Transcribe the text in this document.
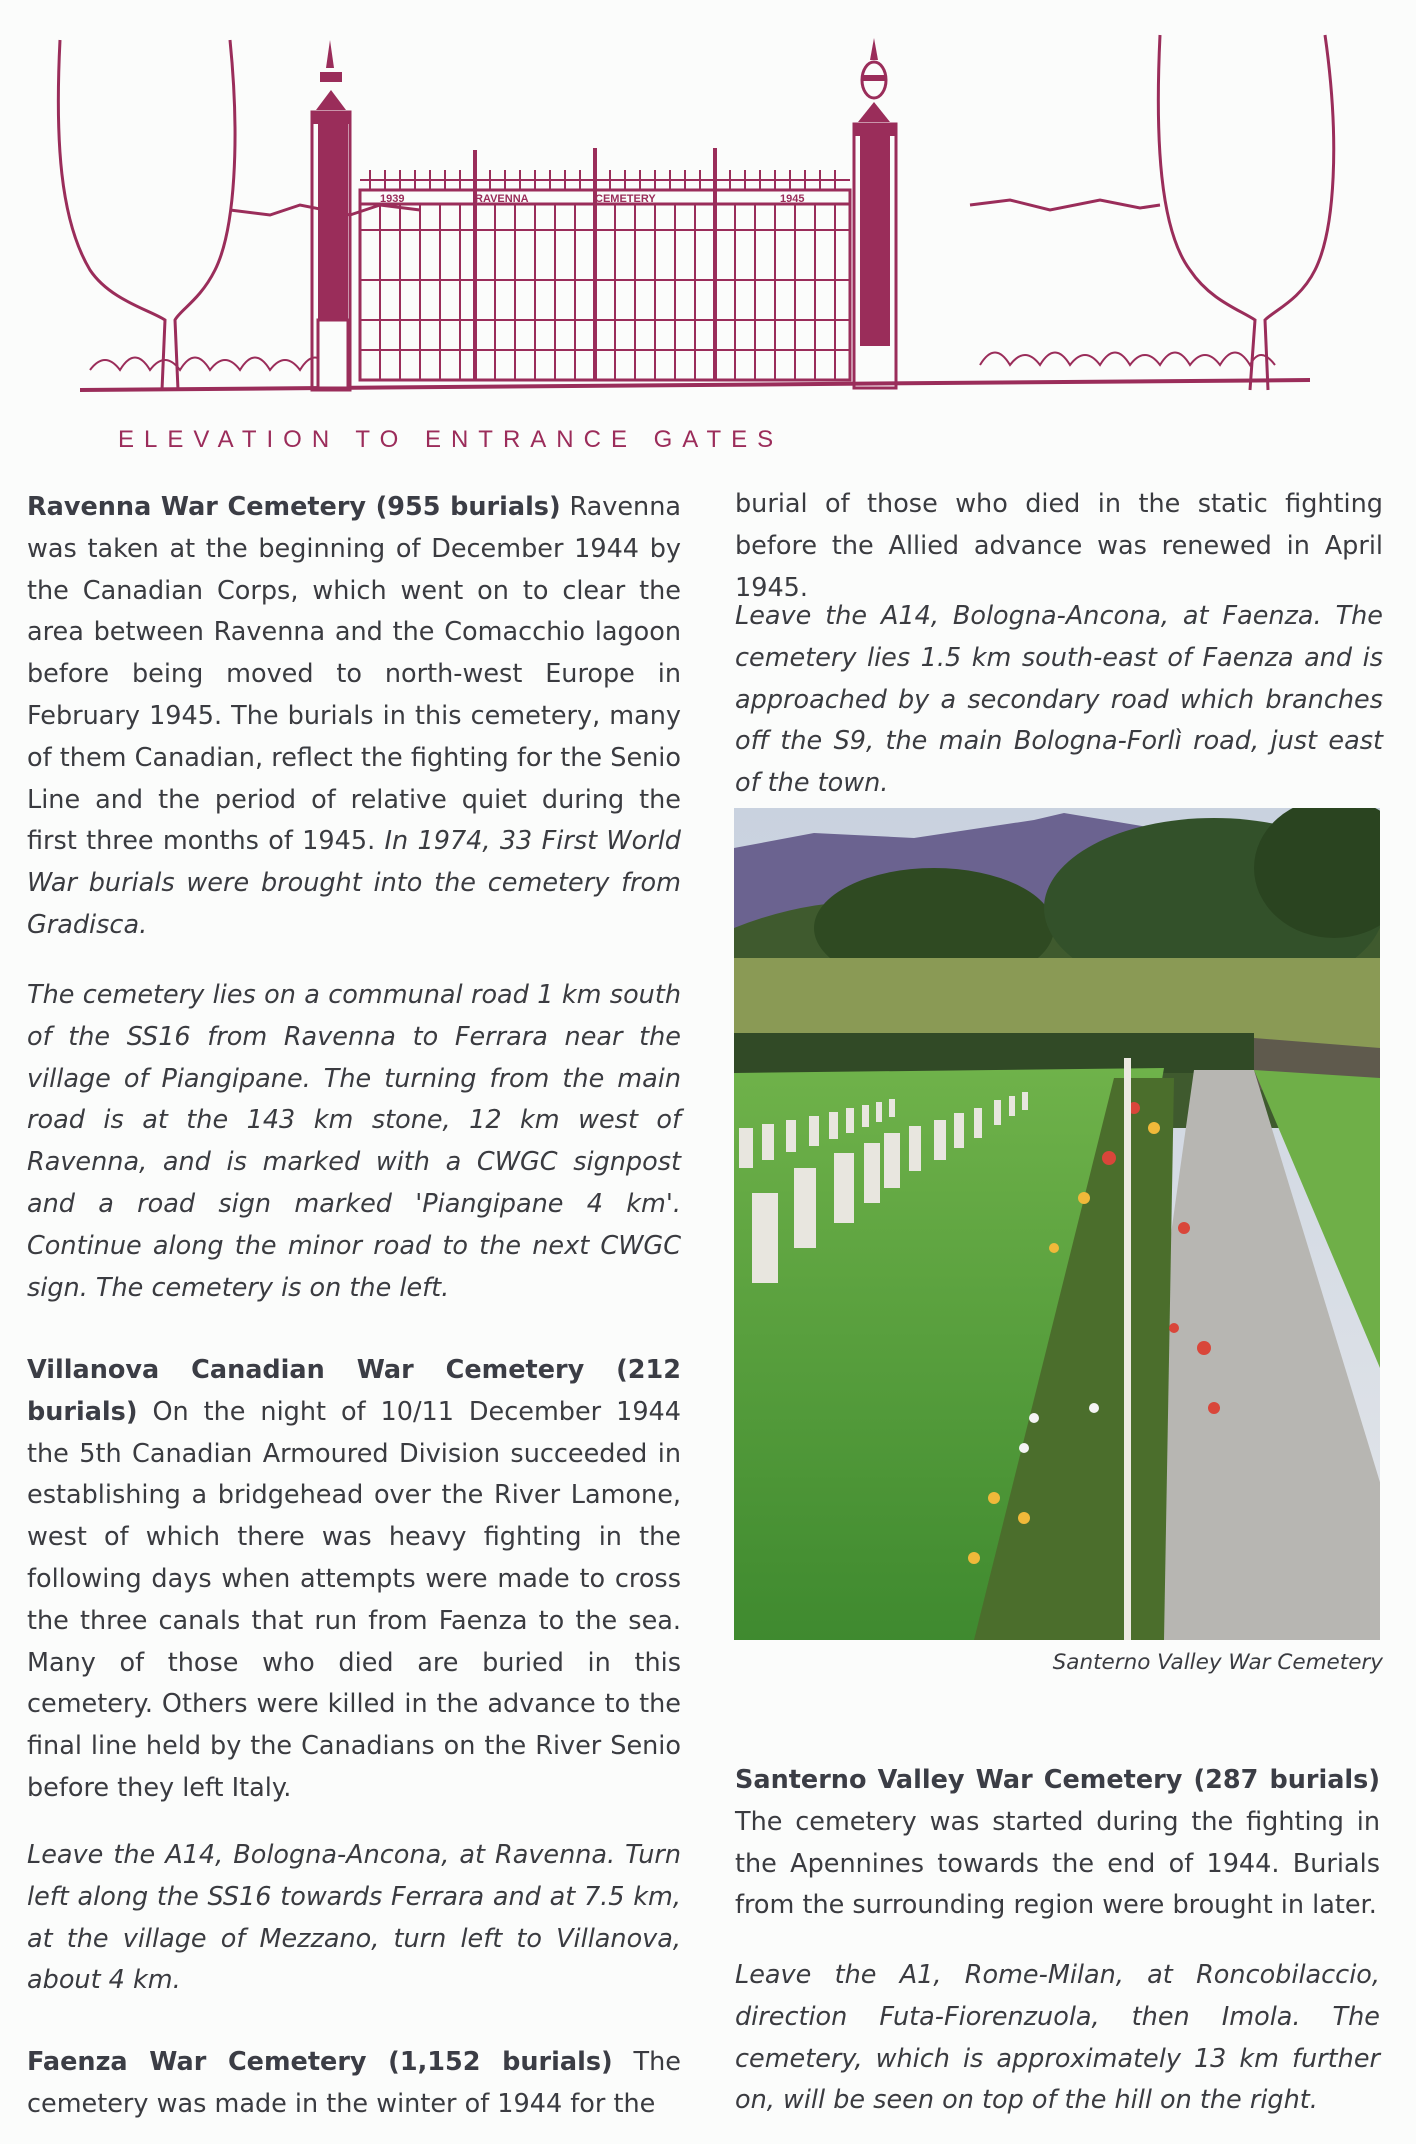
1939	RAVENNA	CEMETERY	1945
ELEVATION TO ENTRANCE GATES

Ravenna War Cemetery (955 burials) Ravenna was taken at the beginning of December 1944 by the Canadian Corps, which went on to clear the area between Ravenna and the Comacchio lagoon before being moved to north-west Europe in February 1945. The burials in this cemetery, many of them Canadian, reflect the fighting for the Senio Line and the period of relative quiet during the first three months of 1945. In 1974, 33 First World War burials were brought into the cemetery from Gradisca.

The cemetery lies on a communal road 1 km south of the SS16 from Ravenna to Ferrara near the village of Piangipane. The turning from the main road is at the 143 km stone, 12 km west of Ravenna, and is marked with a CWGC signpost and a road sign marked 'Piangipane 4 km'. Continue along the minor road to the next CWGC sign. The cemetery is on the left.

Villanova Canadian War Cemetery (212 burials) On the night of 10/11 December 1944 the 5th Canadian Armoured Division succeeded in establishing a bridgehead over the River Lamone, west of which there was heavy fighting in the following days when attempts were made to cross the three canals that run from Faenza to the sea. Many of those who died are buried in this cemetery. Others were killed in the advance to the final line held by the Canadians on the River Senio before they left Italy.

Leave the A14, Bologna-Ancona, at Ravenna. Turn left along the SS16 towards Ferrara and at 7.5 km, at the village of Mezzano, turn left to Villanova, about 4 km.

Faenza War Cemetery (1,152 burials) The cemetery was made in the winter of 1944 for the

burial of those who died in the static fighting before the Allied advance was renewed in April 1945.
Leave the A14, Bologna-Ancona, at Faenza. The cemetery lies 1.5 km south-east of Faenza and is approached by a secondary road which branches off the S9, the main Bologna-Forlì road, just east of the town.
Santerno Valley War Cemetery

Santerno Valley War Cemetery (287 burials) The cemetery was started during the fighting in the Apennines towards the end of 1944. Burials from the surrounding region were brought in later.

Leave the A1, Rome-Milan, at Roncobilaccio, direction Futa-Fiorenzuola, then Imola. The cemetery, which is approximately 13 km further on, will be seen on top of the hill on the right.
